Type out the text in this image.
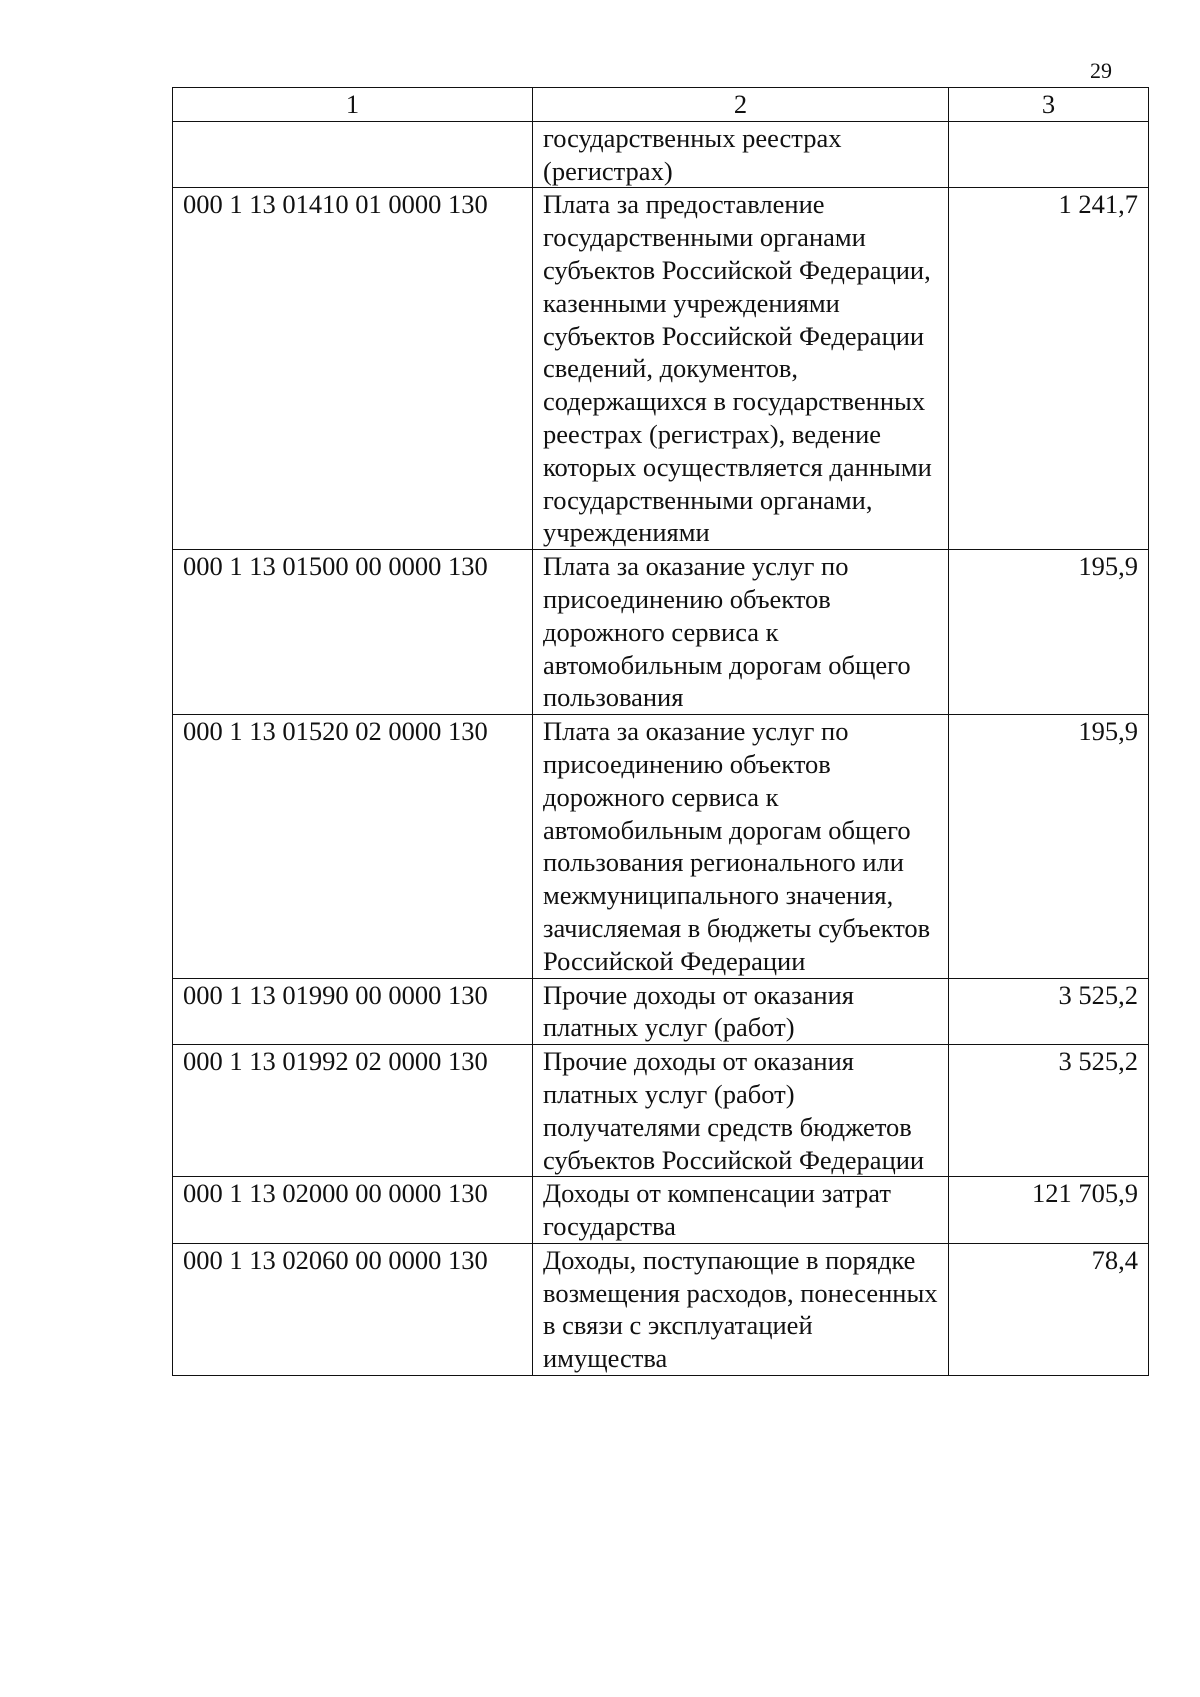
29
1	2	3
	государственных реестрах (регистрах)	
000 1 13 01410 01 0000 130	Плата за предоставление государственными органами субъектов Российской Федерации, казенными учреждениями субъектов Российской Федерации сведений, документов, содержащихся в государственных реестрах (регистрах), ведение которых осуществляется данными государственными органами, учреждениями	1 241,7
000 1 13 01500 00 0000 130	Плата за оказание услуг по присоединению объектов дорожного сервиса к автомобильным дорогам общего пользования	195,9
000 1 13 01520 02 0000 130	Плата за оказание услуг по присоединению объектов дорожного сервиса к автомобильным дорогам общего пользования регионального или межмуниципального значения, зачисляемая в бюджеты субъектов Российской Федерации	195,9
000 1 13 01990 00 0000 130	Прочие доходы от оказания платных услуг (работ)	3 525,2
000 1 13 01992 02 0000 130	Прочие доходы от оказания платных услуг (работ) получателями средств бюджетов субъектов Российской Федерации	3 525,2
000 1 13 02000 00 0000 130	Доходы от компенсации затрат государства	121 705,9
000 1 13 02060 00 0000 130	Доходы, поступающие в порядке возмещения расходов, понесенных в связи с эксплуатацией имущества	78,4
